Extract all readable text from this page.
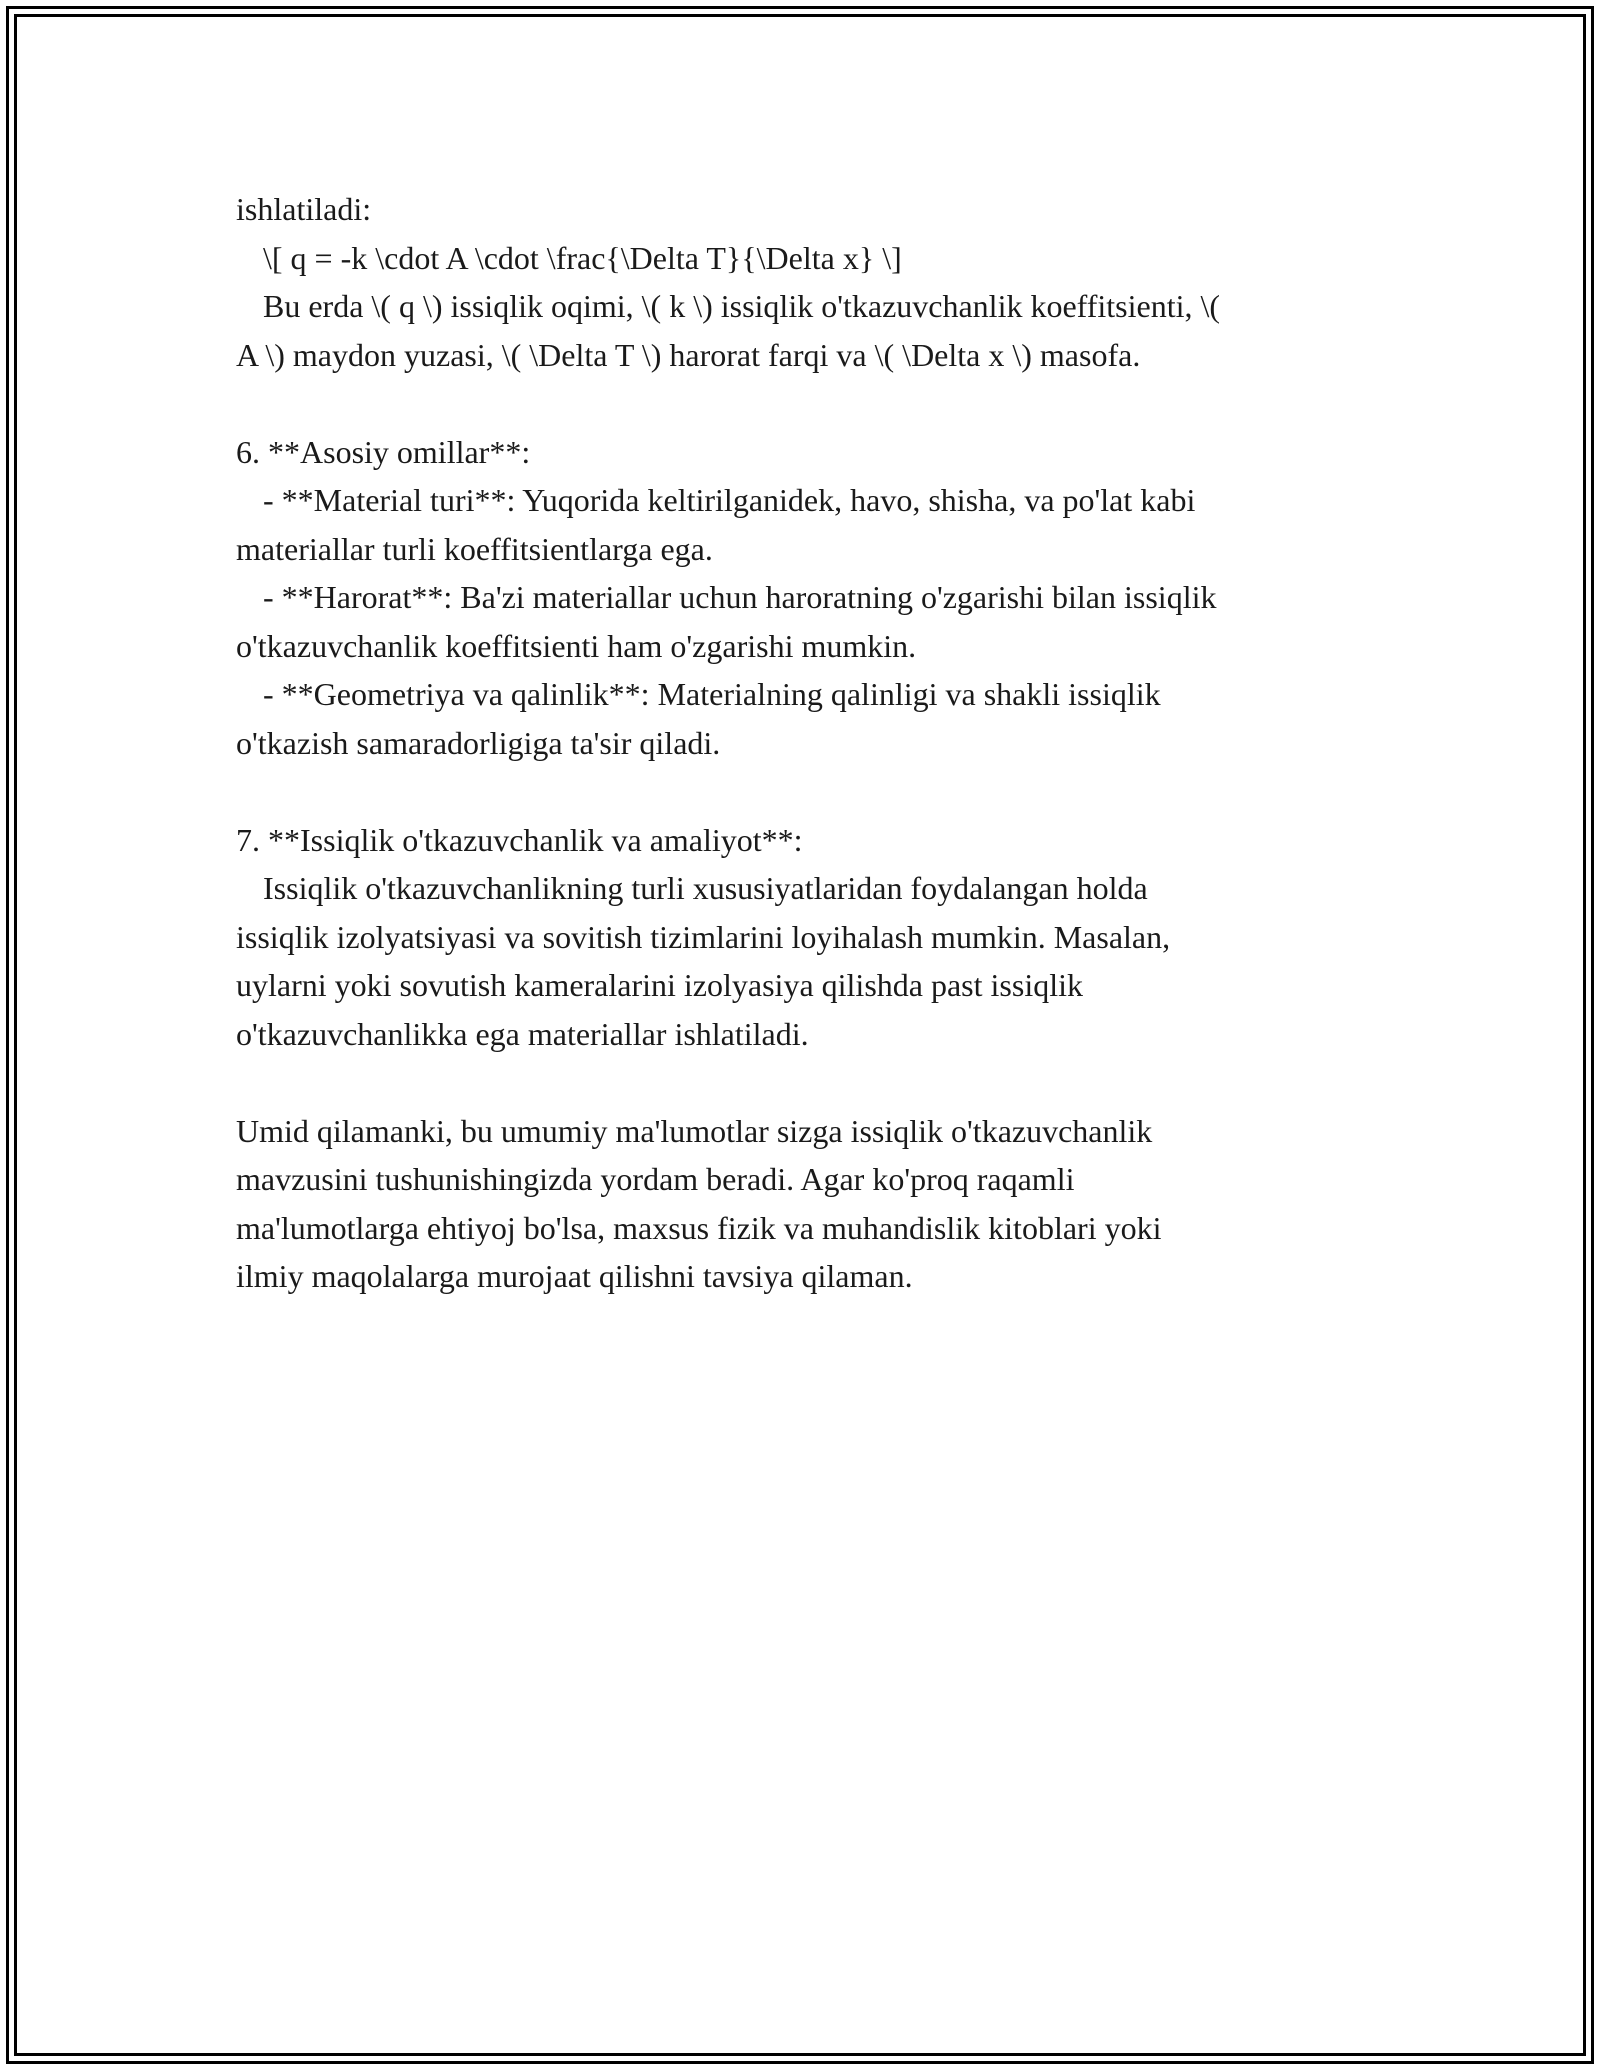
ishlatiladi:
\[ q = -k \cdot A \cdot \frac{\Delta T}{\Delta x} \]
Bu erda \( q \) issiqlik oqimi, \( k \) issiqlik o'tkazuvchanlik koeffitsienti, \(
A \) maydon yuzasi, \( \Delta T \) harorat farqi va \( \Delta x \) masofa.
6. **Asosiy omillar**:
- **Material turi**: Yuqorida keltirilganidek, havo, shisha, va po'lat kabi
materiallar turli koeffitsientlarga ega.
- **Harorat**: Ba'zi materiallar uchun haroratning o'zgarishi bilan issiqlik
o'tkazuvchanlik koeffitsienti ham o'zgarishi mumkin.
- **Geometriya va qalinlik**: Materialning qalinligi va shakli issiqlik
o'tkazish samaradorligiga ta'sir qiladi.
7. **Issiqlik o'tkazuvchanlik va amaliyot**:
Issiqlik o'tkazuvchanlikning turli xususiyatlaridan foydalangan holda
issiqlik izolyatsiyasi va sovitish tizimlarini loyihalash mumkin. Masalan,
uylarni yoki sovutish kameralarini izolyasiya qilishda past issiqlik
o'tkazuvchanlikka ega materiallar ishlatiladi.
Umid qilamanki, bu umumiy ma'lumotlar sizga issiqlik o'tkazuvchanlik
mavzusini tushunishingizda yordam beradi. Agar ko'proq raqamli
ma'lumotlarga ehtiyoj bo'lsa, maxsus fizik va muhandislik kitoblari yoki
ilmiy maqolalarga murojaat qilishni tavsiya qilaman.
